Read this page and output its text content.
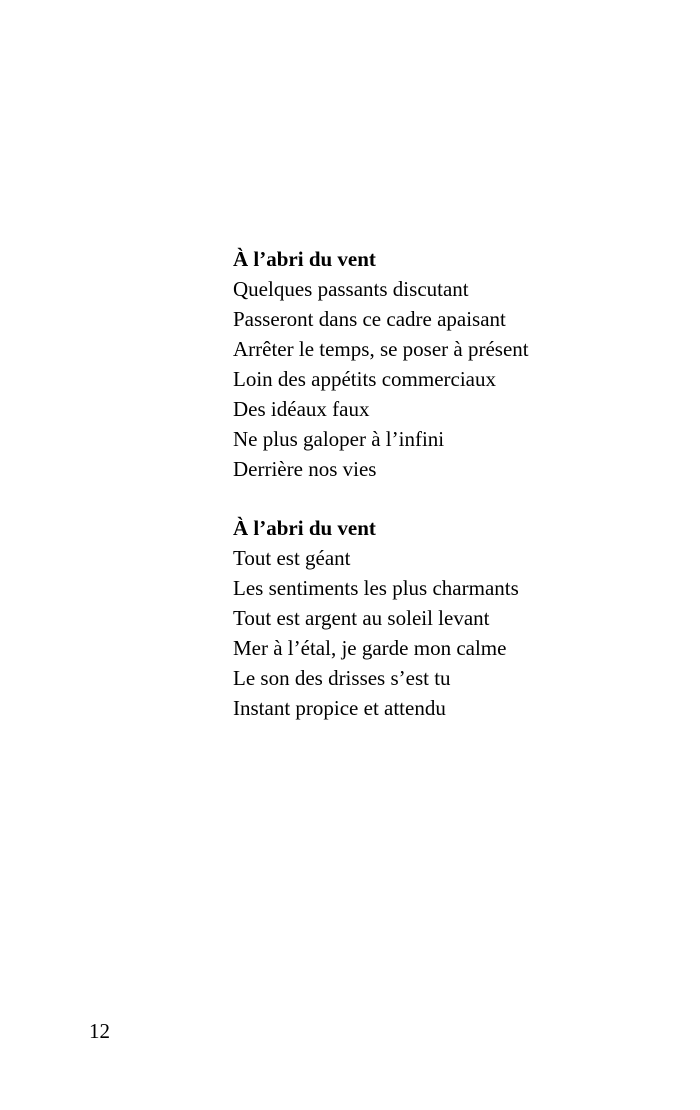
À l’abri du vent
Quelques passants discutant
Passeront dans ce cadre apaisant
Arrêter le temps, se poser à présent
Loin des appétits commerciaux
Des idéaux faux
Ne plus galoper à l’infini
Derrière nos vies
À l’abri du vent
Tout est géant
Les sentiments les plus charmants
Tout est argent au soleil levant
Mer à l’étal, je garde mon calme
Le son des drisses s’est tu
Instant propice et attendu
12
